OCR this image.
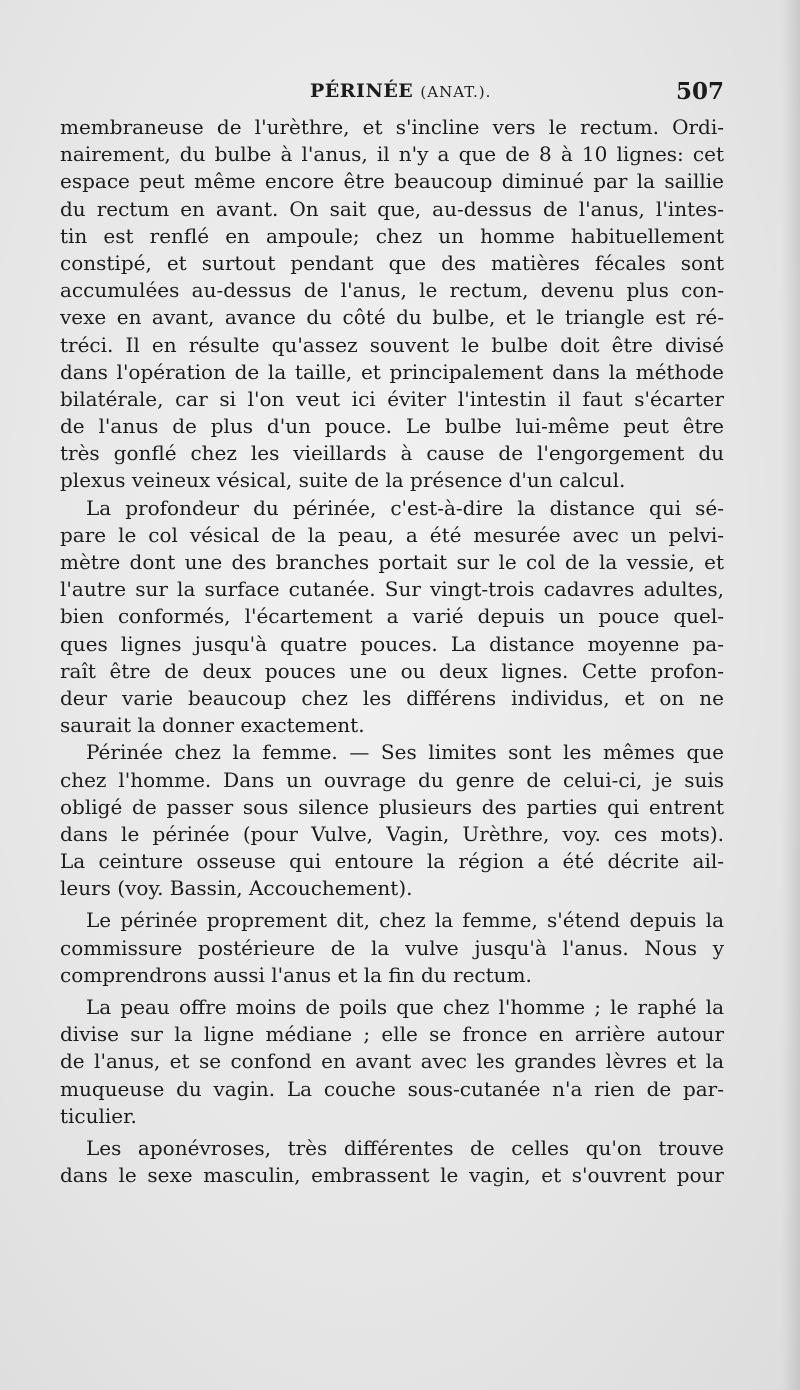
PÉRINÉE (ANAT.).	507
membraneuse de l'urèthre, et s'incline vers le rectum. Ordi-
nairement, du bulbe à l'anus, il n'y a que de 8 à 10 lignes: cet
espace peut même encore être beaucoup diminué par la saillie
du rectum en avant. On sait que, au-dessus de l'anus, l'intes-
tin est renflé en ampoule; chez un homme habituellement
constipé, et surtout pendant que des matières fécales sont
accumulées au-dessus de l'anus, le rectum, devenu plus con-
vexe en avant, avance du côté du bulbe, et le triangle est ré-
tréci. Il en résulte qu'assez souvent le bulbe doit être divisé
dans l'opération de la taille, et principalement dans la méthode
bilatérale, car si l'on veut ici éviter l'intestin il faut s'écarter
de l'anus de plus d'un pouce. Le bulbe lui-même peut être
très gonflé chez les vieillards à cause de l'engorgement du
plexus veineux vésical, suite de la présence d'un calcul.
La profondeur du périnée, c'est-à-dire la distance qui sé-
pare le col vésical de la peau, a été mesurée avec un pelvi-
mètre dont une des branches portait sur le col de la vessie, et
l'autre sur la surface cutanée. Sur vingt-trois cadavres adultes,
bien conformés, l'écartement a varié depuis un pouce quel-
ques lignes jusqu'à quatre pouces. La distance moyenne pa-
raît être de deux pouces une ou deux lignes. Cette profon-
deur varie beaucoup chez les différens individus, et on ne
saurait la donner exactement.
Périnée chez la femme. — Ses limites sont les mêmes que
chez l'homme. Dans un ouvrage du genre de celui-ci, je suis
obligé de passer sous silence plusieurs des parties qui entrent
dans le périnée (pour Vulve, Vagin, Urèthre, voy. ces mots).
La ceinture osseuse qui entoure la région a été décrite ail-
leurs (voy. Bassin, Accouchement).
Le périnée proprement dit, chez la femme, s'étend depuis la
commissure postérieure de la vulve jusqu'à l'anus. Nous y
comprendrons aussi l'anus et la fin du rectum.
La peau offre moins de poils que chez l'homme ; le raphé la
divise sur la ligne médiane ; elle se fronce en arrière autour
de l'anus, et se confond en avant avec les grandes lèvres et la
muqueuse du vagin. La couche sous-cutanée n'a rien de par-
ticulier.
Les aponévroses, très différentes de celles qu'on trouve
dans le sexe masculin, embrassent le vagin, et s'ouvrent pour
